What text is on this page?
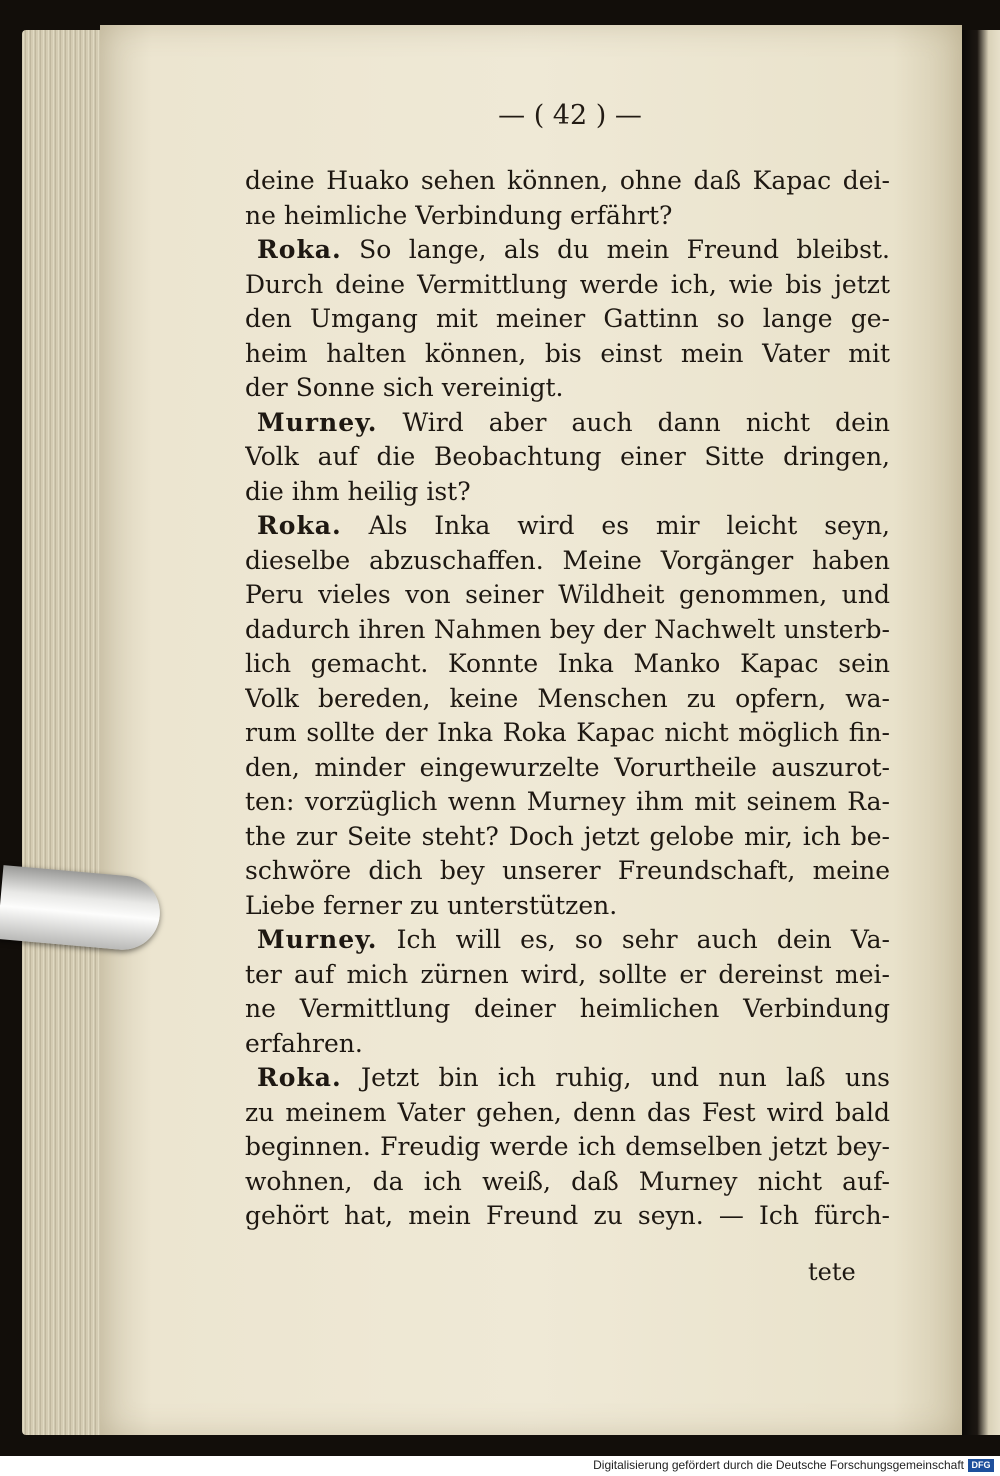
— ( 42 ) —
deine Huako sehen können, ohne daß Kapac dei-
ne heimliche Verbindung erfährt?
Roka. So lange, als du mein Freund bleibst.
Durch deine Vermittlung werde ich, wie bis jetzt
den Umgang mit meiner Gattinn so lange ge-
heim halten können, bis einst mein Vater mit
der Sonne sich vereinigt.
Murney. Wird aber auch dann nicht dein
Volk auf die Beobachtung einer Sitte dringen,
die ihm heilig ist?
Roka. Als Inka wird es mir leicht seyn,
dieselbe abzuschaffen. Meine Vorgänger haben
Peru vieles von seiner Wildheit genommen, und
dadurch ihren Nahmen bey der Nachwelt unsterb-
lich gemacht. Konnte Inka Manko Kapac sein
Volk bereden, keine Menschen zu opfern, wa-
rum sollte der Inka Roka Kapac nicht möglich fin-
den, minder eingewurzelte Vorurtheile auszurot-
ten: vorzüglich wenn Murney ihm mit seinem Ra-
the zur Seite steht? Doch jetzt gelobe mir, ich be-
schwöre dich bey unserer Freundschaft, meine
Liebe ferner zu unterstützen.
Murney. Ich will es, so sehr auch dein Va-
ter auf mich zürnen wird, sollte er dereinst mei-
ne Vermittlung deiner heimlichen Verbindung
erfahren.
Roka. Jetzt bin ich ruhig, und nun laß uns
zu meinem Vater gehen, denn das Fest wird bald
beginnen. Freudig werde ich demselben jetzt bey-
wohnen, da ich weiß, daß Murney nicht auf-
gehört hat, mein Freund zu seyn. — Ich fürch-
tete
Digitalisierung gefördert durch die Deutsche Forschungsgemeinschaft DFG
